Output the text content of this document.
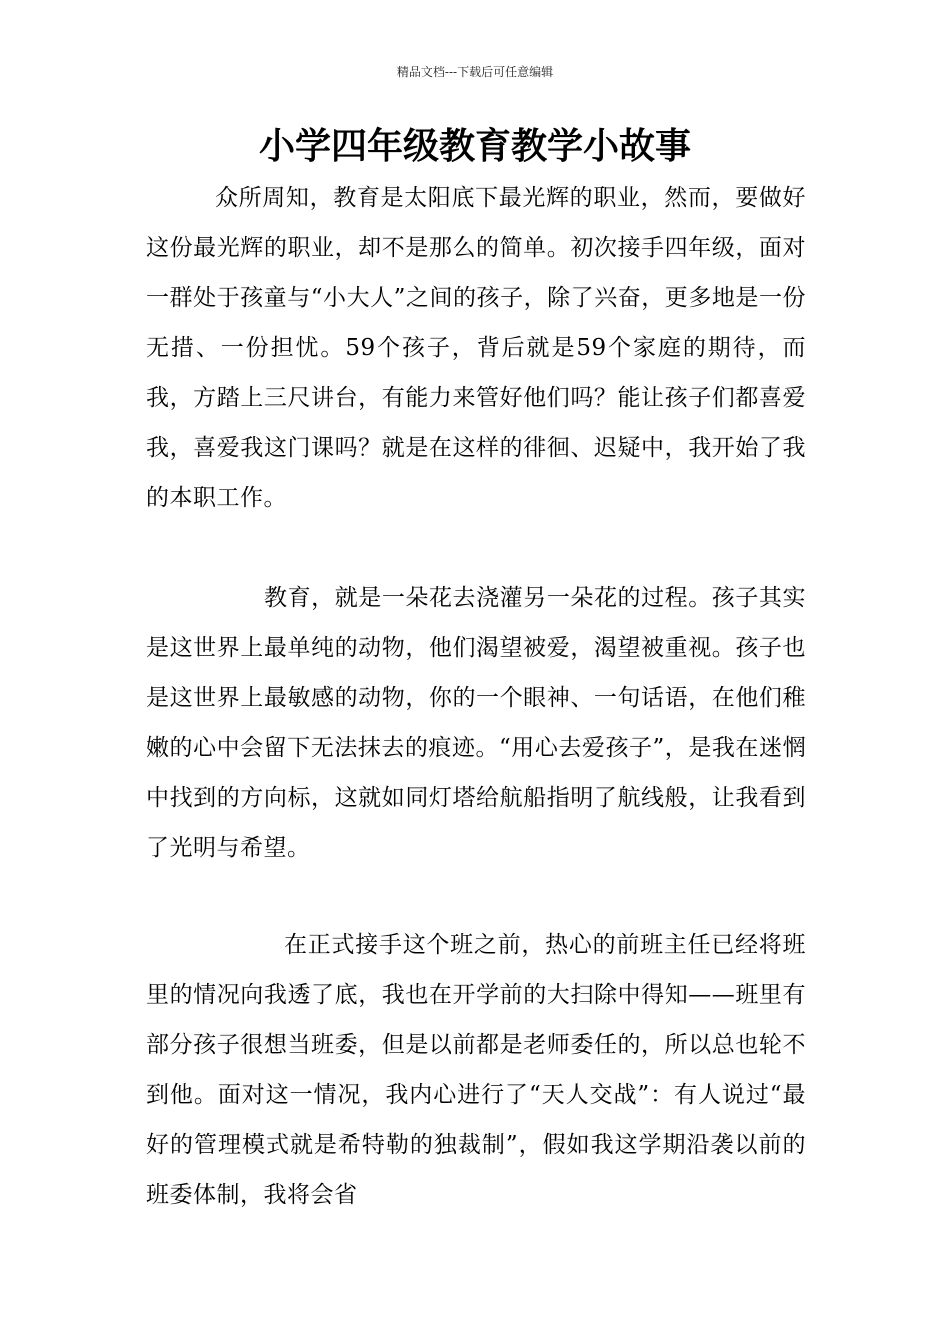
精品文档---下载后可任意编辑
小学四年级教育教学小故事

众所周知，教育是太阳底下最光辉的职业，然而，要做好这份最光辉的职业，却不是那么的简单。初次接手四年级，面对一群处于孩童与“小大人”之间的孩子，除了兴奋，更多地是一份无措、一份担忧。59个孩子，背后就是59个家庭的期待，而我，方踏上三尺讲台，有能力来管好他们吗？能让孩子们都喜爱我，喜爱我这门课吗？就是在这样的徘徊、迟疑中，我开始了我的本职工作。

教育，就是一朵花去浇灌另一朵花的过程。孩子其实是这世界上最单纯的动物，他们渴望被爱，渴望被重视。孩子也是这世界上最敏感的动物，你的一个眼神、一句话语，在他们稚嫩的心中会留下无法抹去的痕迹。“用心去爱孩子”，是我在迷惘中找到的方向标，这就如同灯塔给航船指明了航线般，让我看到了光明与希望。

在正式接手这个班之前，热心的前班主任已经将班里的情况向我透了底，我也在开学前的大扫除中得知——班里有部分孩子很想当班委，但是以前都是老师委任的，所以总也轮不到他。面对这一情况，我内心进行了“天人交战”：有人说过“最好的管理模式就是希特勒的独裁制”，假如我这学期沿袭以前的班委体制，我将会省
